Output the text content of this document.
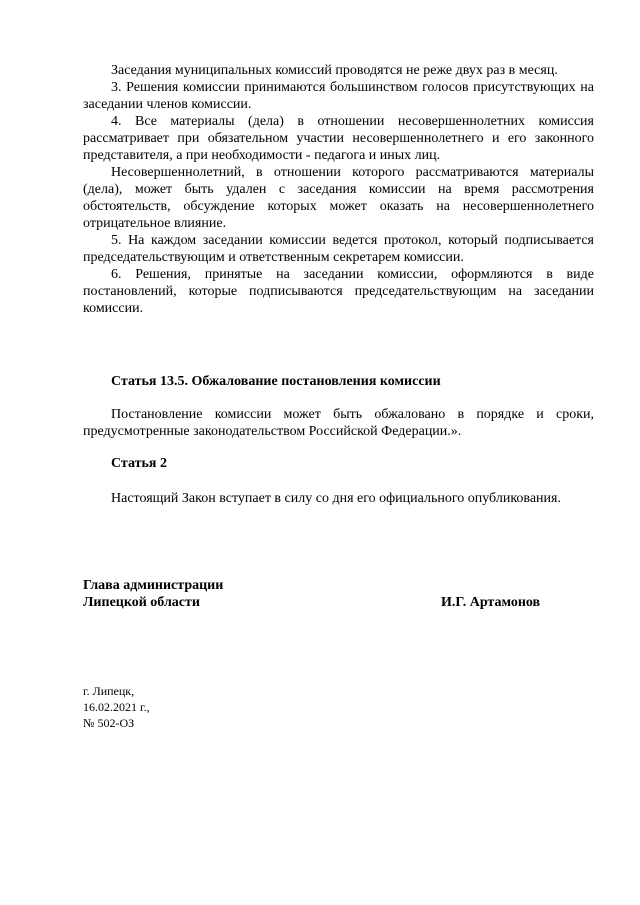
Заседания муниципальных комиссий проводятся не реже двух раз в месяц.

3. Решения комиссии принимаются большинством голосов присутствующих на заседании членов комиссии.

4. Все материалы (дела) в отношении несовершеннолетних комиссия рассматривает при обязательном участии несовершеннолетнего и его законного представителя, а при необходимости - педагога и иных лиц.

Несовершеннолетний, в отношении которого рассматриваются материалы (дела), может быть удален с заседания комиссии на время рассмотрения обстоятельств, обсуждение которых может оказать на несовершеннолетнего отрицательное влияние.

5. На каждом заседании комиссии ведется протокол, который подписывается председательствующим и ответственным секретарем комиссии.

6. Решения, принятые на заседании комиссии, оформляются в виде постановлений, которые подписываются председательствующим на заседании комиссии.

Статья 13.5. Обжалование постановления комиссии

Постановление комиссии может быть обжаловано в порядке и сроки, предусмотренные законодательством Российской Федерации.».

Статья 2

Настоящий Закон вступает в силу со дня его официального опубликования.

Глава администрации
Липецкой области	И.Г. Артамонов
г. Липецк,
16.02.2021 г.,
№ 502-ОЗ
